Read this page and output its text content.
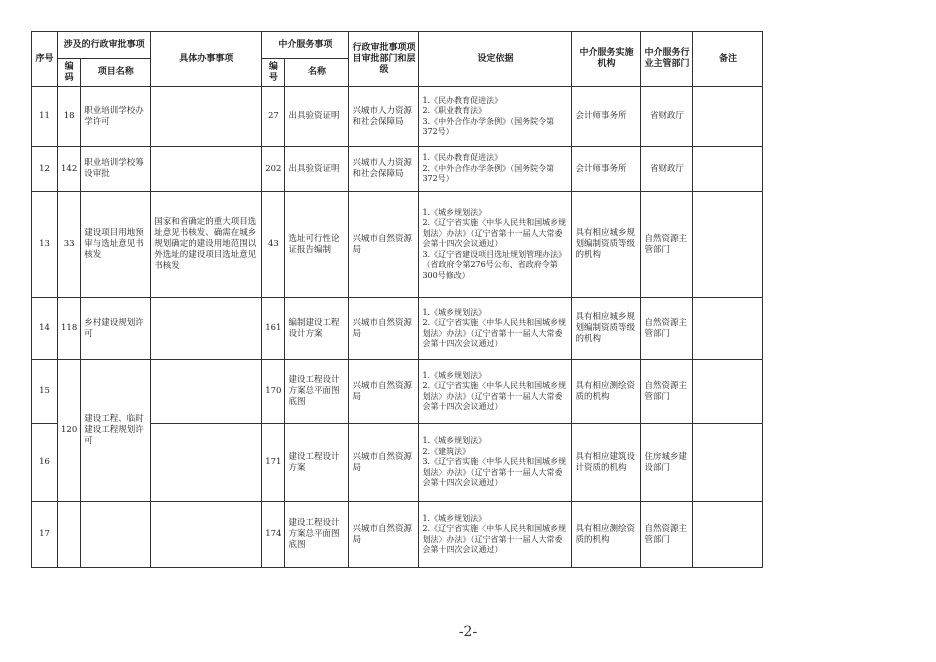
序号	涉及的行政审批事项		具体办事事项	中介服务事项		行政审批事项项目审批部门和层级	设定依据	中介服务实施机构	中介服务行业主管部门	备注
	编码	项目名称		编号	名称					
11	18	职业培训学校办学许可		27	出具验资证明	兴城市人力资源和社会保障局	1.《民办教育促进法》
2.《职业教育法》
3.《中外合作办学条例》（国务院令第372号）	会计师事务所	省财政厅	
12	142	职业培训学校筹设审批		202	出具验资证明	兴城市人力资源和社会保障局	1.《民办教育促进法》
2.《中外合作办学条例》（国务院令第372号）	会计师事务所	省财政厅	
13	33	建设项目用地预审与选址意见书核发	国家和省确定的重大项目选址意见书核发、确需在城乡规划确定的建设用地范围以外选址的建设项目选址意见书核发	43	选址可行性论证报告编制	兴城市自然资源局	1.《城乡规划法》
2.《辽宁省实施〈中华人民共和国城乡规划法〉办法》（辽宁省第十一届人大常委会第十四次会议通过）
3.《辽宁省建设项目选址规划管理办法》（省政府令第276号公布、省政府令第300号修改）	具有相应城乡规划编制资质等级的机构	自然资源主管部门	
14	118	乡村建设规划许可		161	编制建设工程设计方案	兴城市自然资源局	1.《城乡规划法》
2.《辽宁省实施〈中华人民共和国城乡规划法〉办法》（辽宁省第十一届人大常委会第十四次会议通过）	具有相应城乡规划编制资质等级的机构	自然资源主管部门	
15	120	建设工程、临时建设工程规划许可		170	建设工程设计方案总平面图底图	兴城市自然资源局	1.《城乡规划法》
2.《辽宁省实施〈中华人民共和国城乡规划法〉办法》（辽宁省第十一届人大常委会第十四次会议通过）	具有相应测绘资质的机构	自然资源主管部门	
16				171	建设工程设计方案	兴城市自然资源局	1.《城乡规划法》
2.《建筑法》
3.《辽宁省实施〈中华人民共和国城乡规划法〉办法》（辽宁省第十一届人大常委会第十四次会议通过）	具有相应建筑设计资质的机构	住房城乡建设部门	
17				174	建设工程设计方案总平面图底图	兴城市自然资源局	1.《城乡规划法》
2.《辽宁省实施〈中华人民共和国城乡规划法〉办法》（辽宁省第十一届人大常委会第十四次会议通过）	具有相应测绘资质的机构	自然资源主管部门	
-2-
